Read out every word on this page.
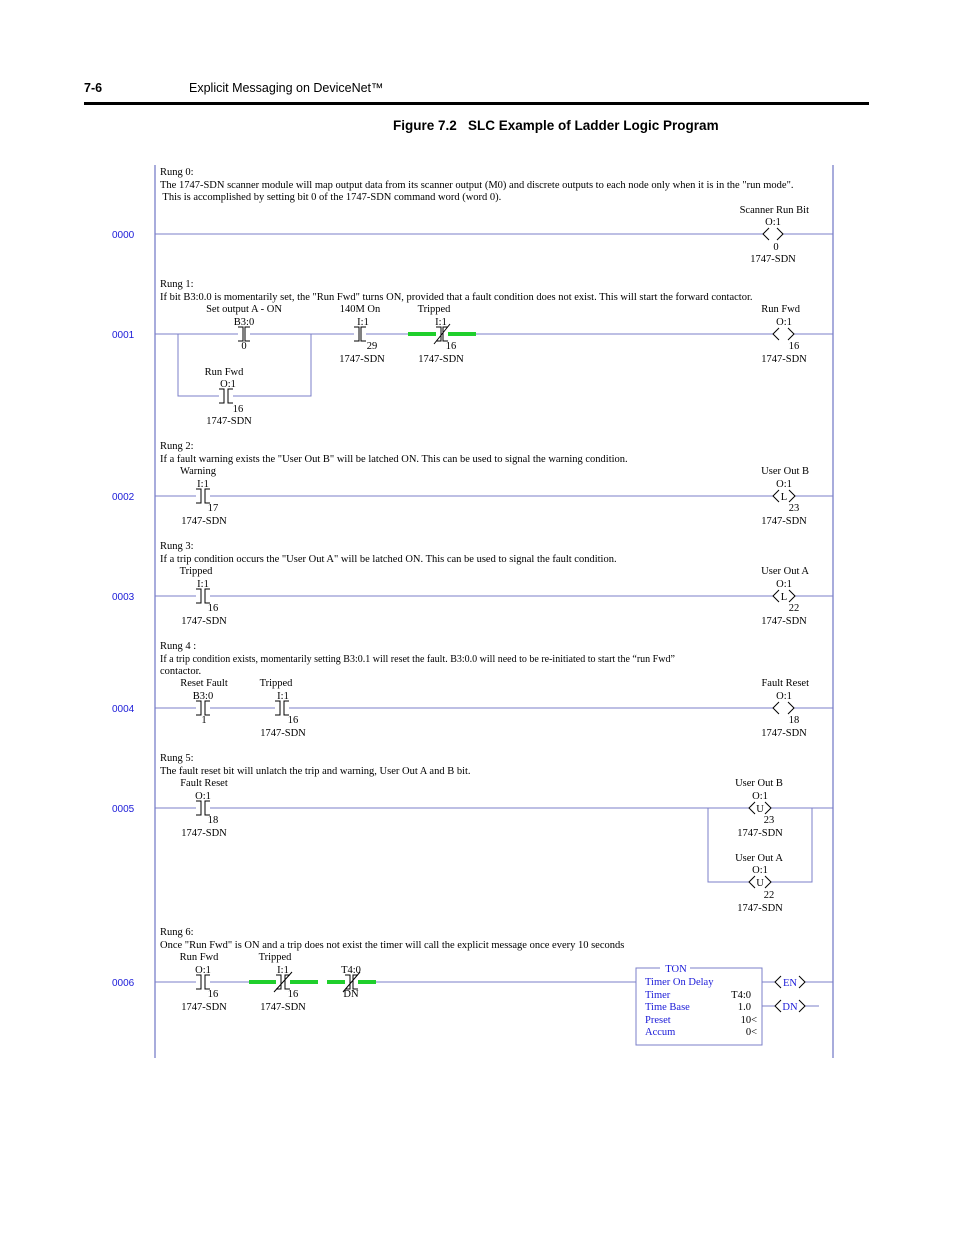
7-6	Explicit Messaging on DeviceNet™
Figure 7.2   SLC Example of Ladder Logic Program
Rung 0:
The 1747-SDN scanner module will map output data from its scanner output (M0) and discrete outputs to each node only when it is in the "run mode".
This is accomplished by setting bit 0 of the 1747-SDN command word (word 0).
0000
Scanner Run Bit
O:1
0
1747-SDN
Rung 1:
If bit B3:0.0 is momentarily set, the "Run Fwd" turns ON, provided that a fault condition does not exist. This will start the forward contactor.
0001
Set output A - ON
B3:0
0
140M On
I:1
29
1747-SDN
Tripped
I:1
16
1747-SDN
Run Fwd
O:1
16
1747-SDN
Run Fwd
O:1
16
1747-SDN
Rung 2:
If a fault warning exists the "User Out B" will be latched ON. This can be used to signal the warning condition.
0002
Warning
I:1
17
1747-SDN
L
User Out B
O:1
23
1747-SDN
Rung 3:
If a trip condition occurs the "User Out A" will be latched ON. This can be used to signal the fault condition.
0003
Tripped
I:1
16
1747-SDN
L
User Out A
O:1
22
1747-SDN
Rung 4 :
If a trip condition exists, momentarily setting B3:0.1 will reset the fault. B3:0.0 will need to be re-initiated to start the “run Fwd”
contactor.
0004
Reset Fault
B3:0
1
Tripped
I:1
16
1747-SDN
Fault Reset
O:1
18
1747-SDN
Rung 5:
The fault reset bit will unlatch the trip and warning, User Out A and B bit.
0005
Fault Reset
O:1
18
1747-SDN
U
User Out B
O:1
23
1747-SDN
U
User Out A
O:1
22
1747-SDN
Rung 6:
Once "Run Fwd" is ON and a trip does not exist the timer will call the explicit message once every 10 seconds
0006
Run Fwd
O:1
16
1747-SDN
Tripped
I:1
16
1747-SDN
T4:0
DN
TON
Timer On Delay
Timer	T4:0
Time Base	1.0
Preset	10<
Accum	0<
EN
DN
